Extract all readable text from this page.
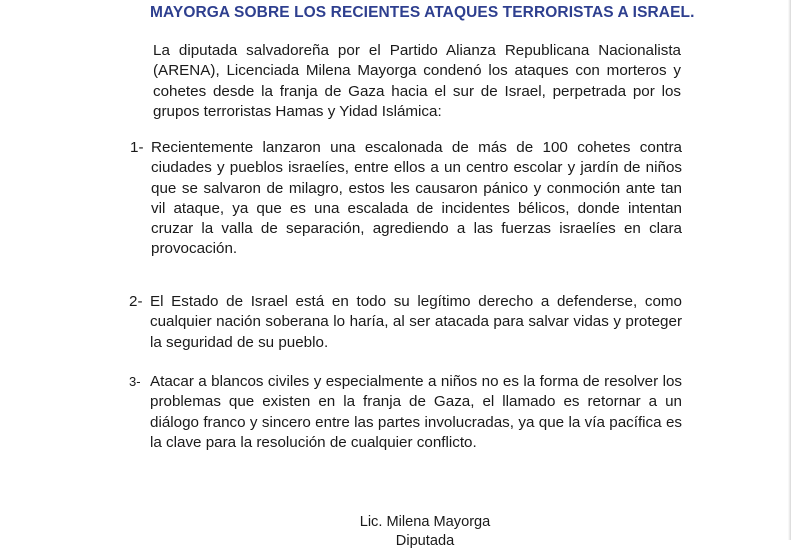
MAYORGA SOBRE LOS RECIENTES ATAQUES TERRORISTAS A ISRAEL.

La diputada salvadoreña por el Partido Alianza Republicana Nacionalista (ARENA), Licenciada Milena Mayorga condenó los ataques con morteros y cohetes desde la franja de Gaza hacia el sur de Israel, perpetrada por los grupos terroristas Hamas y Yidad Islámica:

1- Recientemente lanzaron una escalonada de más de 100 cohetes contra ciudades y pueblos israelíes, entre ellos a un centro escolar y jardín de niños que se salvaron de milagro, estos les causaron pánico y conmoción ante tan vil ataque, ya que es una escalada de incidentes bélicos, donde intentan cruzar la valla de separación, agrediendo a las fuerzas israelíes en clara provocación.
2- El Estado de Israel está en todo su legítimo derecho a defenderse, como cualquier nación soberana lo haría, al ser atacada para salvar vidas y proteger la seguridad de su pueblo.
3- Atacar a blancos civiles y especialmente a niños no es la forma de resolver los problemas que existen en la franja de Gaza, el llamado es retornar a un diálogo franco y sincero entre las partes involucradas, ya que la vía pacífica es la clave para la resolución de cualquier conflicto.
Lic. Milena Mayorga
Diputada
